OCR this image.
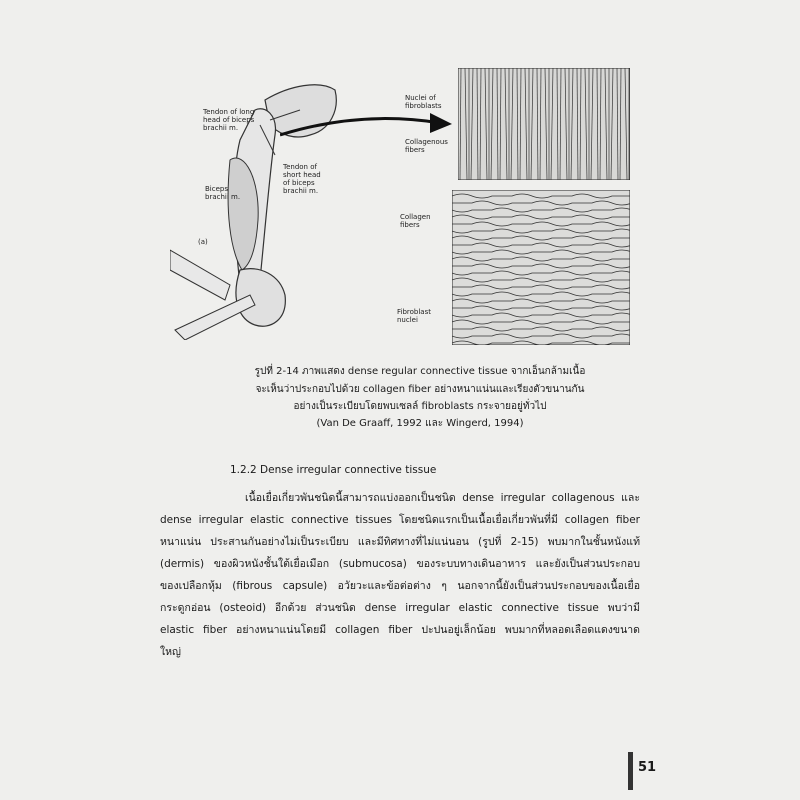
Tendon of long head of biceps brachii m.
Tendon of short head of biceps brachii m.
Biceps brachii m.
(a)
Nuclei of fibroblasts
Collagenous fibers
Collagen fibers
Fibroblast nuclei
รูปที่ 2-14 ภาพแสดง dense regular connective tissue จากเอ็นกล้ามเนื้อ
จะเห็นว่าประกอบไปด้วย collagen fiber อย่างหนาแน่นและเรียงตัวขนานกัน
อย่างเป็นระเบียบโดยพบเซลล์ fibroblasts กระจายอยู่ทั่วไป
(Van De Graaff, 1992 และ Wingerd, 1994)
1.2.2 Dense irregular connective tissue
เนื้อเยื่อเกี่ยวพันชนิดนี้สามารถแบ่งออกเป็นชนิด dense irregular collagenous และ
dense irregular elastic connective tissues โดยชนิดแรกเป็นเนื้อเยื่อเกี่ยวพันที่มี collagen fiber
หนาแน่น ประสานกันอย่างไม่เป็นระเบียบ และมีทิศทางที่ไม่แน่นอน (รูปที่ 2-15) พบมากในชั้นหนังแท้
(dermis) ของผิวหนังชั้นใต้เยื่อเมือก (submucosa) ของระบบทางเดินอาหาร และยังเป็นส่วนประกอบ
ของเปลือกหุ้ม (fibrous capsule) อวัยวะและข้อต่อต่าง ๆ นอกจากนี้ยังเป็นส่วนประกอบของเนื้อเยื่อ
กระดูกอ่อน (osteoid) อีกด้วย ส่วนชนิด dense irregular elastic connective tissue พบว่ามี
elastic fiber อย่างหนาแน่นโดยมี collagen fiber ปะปนอยู่เล็กน้อย พบมากที่หลอดเลือดแดงขนาด
ใหญ่
51
